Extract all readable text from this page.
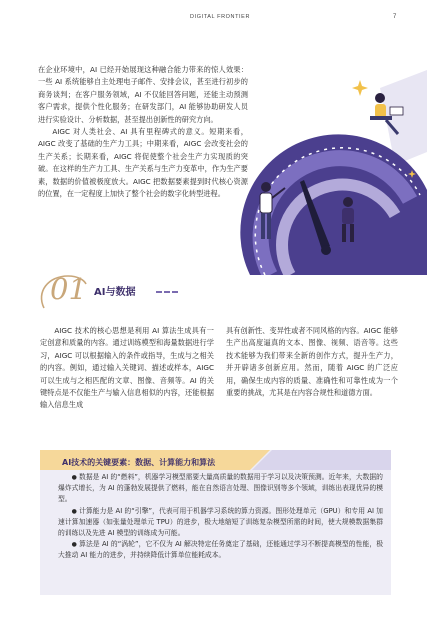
DIGITAL FRONTIER	7

在企业环境中，AI 已经开始展现这种融合能力带来的惊人效果：一些 AI 系统能够自主处理电子邮件、安排会议，甚至进行初步的商务谈判；在客户服务领域，AI 不仅能回答问题，还能主动预测客户需求，提供个性化服务；在研发部门，AI 能够协助研发人员进行实验设计、分析数据，甚至提出创新性的研究方向。

AIGC 对人类社会、AI 具有里程碑式的意义。短期来看，AIGC 改变了基础的生产力工具；中期来看，AIGC 会改变社会的生产关系；长期来看，AIGC 将促使整个社会生产力实现质的突破。在这样的生产力工具、生产关系与生产力变革中，作为生产要素，数据的价值被极度放大。AIGC 把数据要素提到时代核心资源的位置，在一定程度上加快了整个社会的数字化转型进程。

01 AI与数据

AIGC 技术的核心思想是利用 AI 算法生成具有一定创意和质量的内容。通过训练模型和海量数据进行学习，AIGC 可以根据输入的条件或指导，生成与之相关的内容。例如，通过输入关键词、描述或样本，AIGC 可以生成与之相匹配的文章、图像、音频等。AI 的关键特点是不仅能生产与输入信息相似的内容，还能根据输入信息生成

具有创新性、变异性或者不同风格的内容。AIGC 能够生产出高度逼真的文本、图像、视频、语音等。这些技术能够为我们带来全新的创作方式，提升生产力，并开辟诸多创新应用。然而，随着 AIGC 的广泛应用，确保生成内容的质量、准确性和可靠性成为一个重要的挑战，尤其是在内容合规性和道德方面。

AI技术的关键要素：数据、计算能力和算法

● 数据是 AI 的“燃料”，机器学习模型需要大量高质量的数据用于学习以及决策预测。近年来，大数据的爆炸式增长，为 AI 的蓬勃发展提供了燃料，能在自然语言处理、图像识别等多个领域，训练出表现优异的模型。

● 计算能力是 AI 的“引擎”，代表可用于机器学习系统的算力资源。图形处理单元（GPU）和专用 AI 加速计算加速器（如张量处理单元 TPU）的进步，极大地缩短了训练复杂模型所需的时间，使大规模数据集群的训练以及先进 AI 模型的训练成为可能。

● 算法是 AI 的“涡轮”，它不仅为 AI 解决特定任务奠定了基础，还能通过学习不断提高模型的性能，极大推动 AI 能力的进步，并持续降低计算单位能耗成本。
